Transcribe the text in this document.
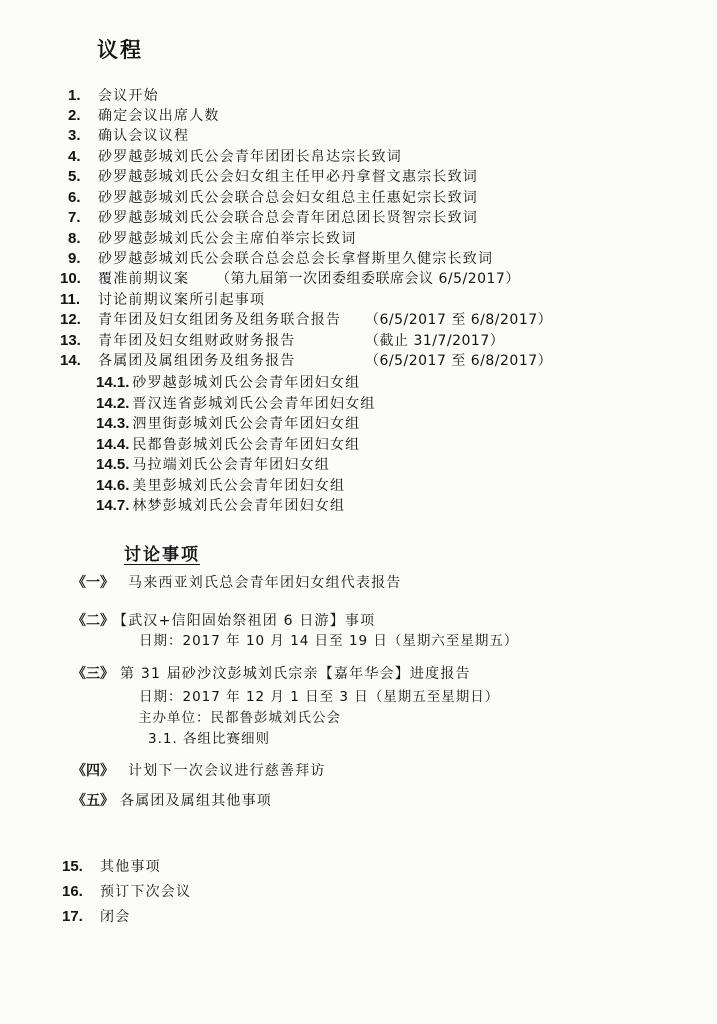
议程
1. 会议开始
2. 确定会议出席人数
3. 确认会议议程
4. 砂罗越彭城刘氏公会青年团团长帛达宗长致词
5. 砂罗越彭城刘氏公会妇女组主任甲必丹拿督文惠宗长致词
6. 砂罗越彭城刘氏公会联合总会妇女组总主任惠妃宗长致词
7. 砂罗越彭城刘氏公会联合总会青年团总团长贤智宗长致词
8. 砂罗越彭城刘氏公会主席伯举宗长致词
9. 砂罗越彭城刘氏公会联合总会总会长拿督斯里久健宗长致词
10. 覆准前期议案 （第九届第一次团委组委联席会议 6/5/2017）
11. 讨论前期议案所引起事项
12. 青年团及妇女组团务及组务联合报告 （6/5/2017 至 6/8/2017）
13. 青年团及妇女组财政财务报告	（截止 31/7/2017）
14. 各属团及属组团务及组务报告	（6/5/2017 至 6/8/2017）
14.1. 砂罗越彭城刘氏公会青年团妇女组
14.2. 晋汉连省彭城刘氏公会青年团妇女组
14.3. 泗里街彭城刘氏公会青年团妇女组
14.4. 民都鲁彭城刘氏公会青年团妇女组
14.5. 马拉端刘氏公会青年团妇女组
14.6. 美里彭城刘氏公会青年团妇女组
14.7. 林梦彭城刘氏公会青年团妇女组
讨论事项
《一》 马来西亚刘氏总会青年团妇女组代表报告
《二》 【武汉+信阳固始祭祖团 6 日游】事项
日期：2017 年 10 月 14 日至 19 日（星期六至星期五）
《三》 第 31 届砂沙汶彭城刘氏宗亲【嘉年华会】进度报告
日期：2017 年 12 月 1 日至 3 日（星期五至星期日）
主办单位：民都鲁彭城刘氏公会
3.1. 各组比赛细则
《四》 计划下一次会议进行慈善拜访
《五》 各属团及属组其他事项
15. 其他事项
16. 预订下次会议
17. 闭会
